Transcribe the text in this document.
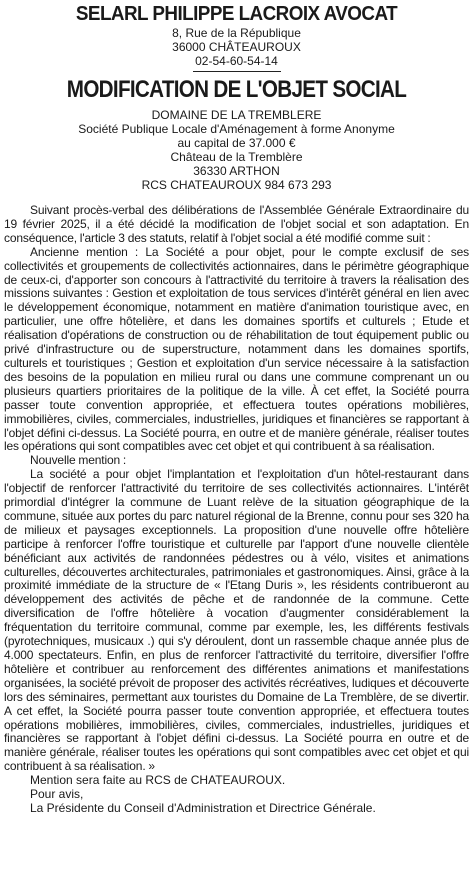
SELARL PHILIPPE LACROIX AVOCAT
8, Rue de la République
36000 CHÂTEAUROUX
02-54-60-54-14
MODIFICATION DE L'OBJET SOCIAL
DOMAINE DE LA TREMBLERE
Société Publique Locale d'Aménagement à forme Anonyme
au capital de 37.000 €
Château de la Tremblère
36330 ARTHON
RCS CHATEAUROUX 984 673 293

Suivant procès-verbal des délibérations de l'Assemblée Générale Extraordinaire du 19 février 2025, il a été décidé la modification de l'objet social et son adaptation. En conséquence, l'article 3 des statuts, relatif à l'objet social a été modifié comme suit :

Ancienne mention : La Société a pour objet, pour le compte exclusif de ses collectivités et groupements de collectivités actionnaires, dans le périmètre géographique de ceux-ci, d'apporter son concours à l'attractivité du territoire à travers la réalisation des missions suivantes : Gestion et exploitation de tous services d'intérêt général en lien avec le développement économique, notamment en matière d'animation touristique avec, en particulier, une offre hôtelière, et dans les domaines sportifs et culturels ; Etude et réalisation d'opérations de construction ou de réhabilitation de tout équipement public ou privé d'infrastructure ou de superstructure, notamment dans les domaines sportifs, culturels et touristiques ; Gestion et exploitation d'un service nécessaire à la satisfaction des besoins de la population en milieu rural ou dans une commune comprenant un ou plusieurs quartiers prioritaires de la politique de la ville. À cet effet, la Société pourra passer toute convention appropriée, et effectuera toutes opérations mobilières, immobilières, civiles, commerciales, industrielles, juridiques et financières se rapportant à l'objet défini ci-dessus. La Société pourra, en outre et de manière générale, réaliser toutes les opérations qui sont compatibles avec cet objet et qui contribuent à sa réalisation.

Nouvelle mention :

La société a pour objet l'implantation et l'exploitation d'un hôtel-restaurant dans l'objectif de renforcer l'attractivité du territoire de ses collectivités actionnaires. L'intérêt primordial d'intégrer la commune de Luant relève de la situation géographique de la commune, située aux portes du parc naturel régional de la Brenne, connu pour ses 320 ha de milieux et paysages exceptionnels. La proposition d'une nouvelle offre hôtelière participe à renforcer l'offre touristique et culturelle par l'apport d'une nouvelle clientèle bénéficiant aux activités de randonnées pédestres ou à vélo, visites et animations culturelles, découvertes architecturales, patrimoniales et gastronomiques. Ainsi, grâce à la proximité immédiate de la structure de « l'Etang Duris », les résidents contribueront au développement des activités de pêche et de randonnée de la commune. Cette diversification de l'offre hôtelière à vocation d'augmenter considérablement la fréquentation du territoire communal, comme par exemple, les, les différents festivals (pyrotechniques, musicaux .) qui s'y déroulent, dont un rassemble chaque année plus de 4.000 spectateurs. Enfin, en plus de renforcer l'attractivité du territoire, diversifier l'offre hôtelière et contribuer au renforcement des différentes animations et manifestations organisées, la société prévoit de proposer des activités récréatives, ludiques et découverte lors des séminaires, permettant aux touristes du Domaine de La Tremblère, de se divertir. A cet effet, la Société pourra passer toute convention appropriée, et effectuera toutes opérations mobilières, immobilières, civiles, commerciales, industrielles, juridiques et financières se rapportant à l'objet défini ci-dessus. La Société pourra en outre et de manière générale, réaliser toutes les opérations qui sont compatibles avec cet objet et qui contribuent à sa réalisation. »

Mention sera faite au RCS de CHATEAUROUX.

Pour avis,

La Présidente du Conseil d'Administration et Directrice Générale.
